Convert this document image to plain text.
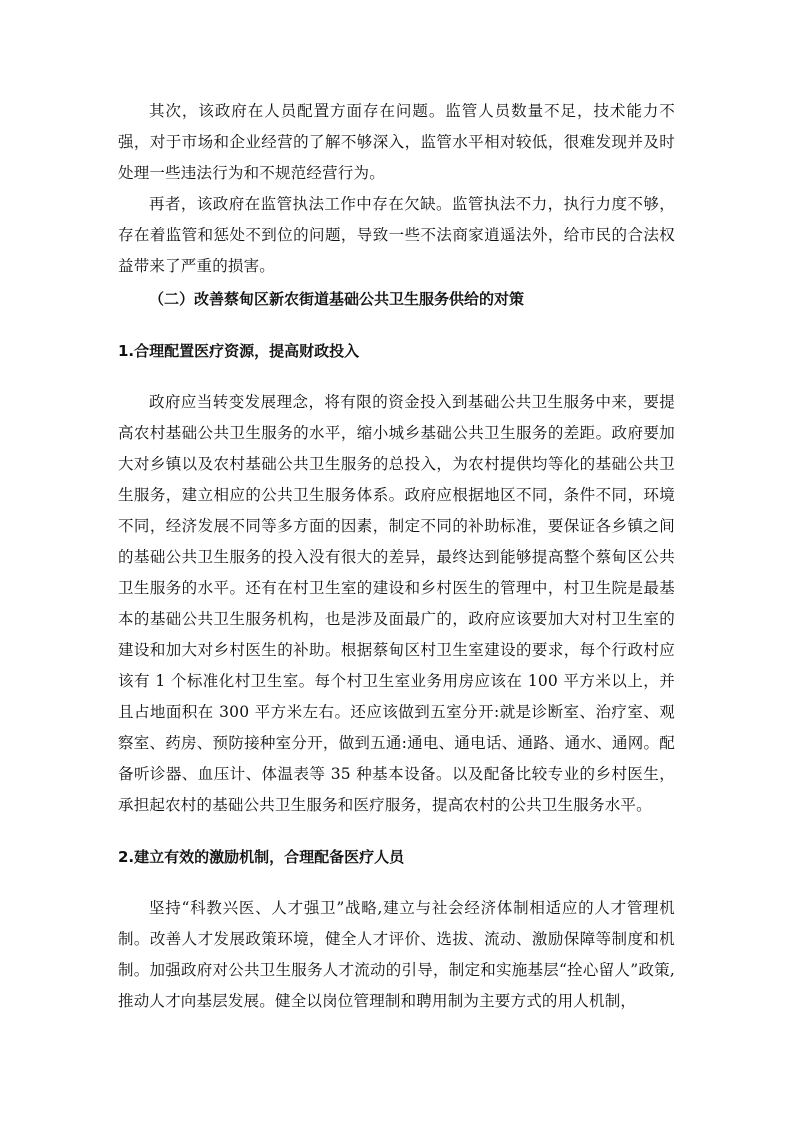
其次，该政府在人员配置方面存在问题。监管人员数量不足，技术能力不强，对于市场和企业经营的了解不够深入，监管水平相对较低，很难发现并及时处理一些违法行为和不规范经营行为。

再者，该政府在监管执法工作中存在欠缺。监管执法不力，执行力度不够，存在着监管和惩处不到位的问题，导致一些不法商家逍遥法外，给市民的合法权益带来了严重的损害。

（二）改善蔡甸区新农街道基础公共卫生服务供给的对策

1.合理配置医疗资源，提高财政投入

政府应当转变发展理念，将有限的资金投入到基础公共卫生服务中来，要提高农村基础公共卫生服务的水平，缩小城乡基础公共卫生服务的差距。政府要加大对乡镇以及农村基础公共卫生服务的总投入，为农村提供均等化的基础公共卫生服务，建立相应的公共卫生服务体系。政府应根据地区不同，条件不同，环境不同，经济发展不同等多方面的因素，制定不同的补助标准，要保证各乡镇之间的基础公共卫生服务的投入没有很大的差异，最终达到能够提高整个蔡甸区公共卫生服务的水平。还有在村卫生室的建设和乡村医生的管理中，村卫生院是最基本的基础公共卫生服务机构，也是涉及面最广的，政府应该要加大对村卫生室的建设和加大对乡村医生的补助。根据蔡甸区村卫生室建设的要求，每个行政村应该有 1 个标准化村卫生室。每个村卫生室业务用房应该在 100 平方米以上，并且占地面积在 300 平方米左右。还应该做到五室分开:就是诊断室、治疗室、观察室、药房、预防接种室分开，做到五通:通电、通电话、通路、通水、通网。配备听诊器、血压计、体温表等 35 种基本设备。以及配备比较专业的乡村医生，承担起农村的基础公共卫生服务和医疗服务，提高农村的公共卫生服务水平。

2.建立有效的激励机制，合理配备医疗人员

坚持“科教兴医、人才强卫”战略,建立与社会经济体制相适应的人才管理机制。改善人才发展政策环境，健全人才评价、选拔、流动、激励保障等制度和机制。加强政府对公共卫生服务人才流动的引导，制定和实施基层“拴心留人”政策,推动人才向基层发展。健全以岗位管理制和聘用制为主要方式的用人机制，
